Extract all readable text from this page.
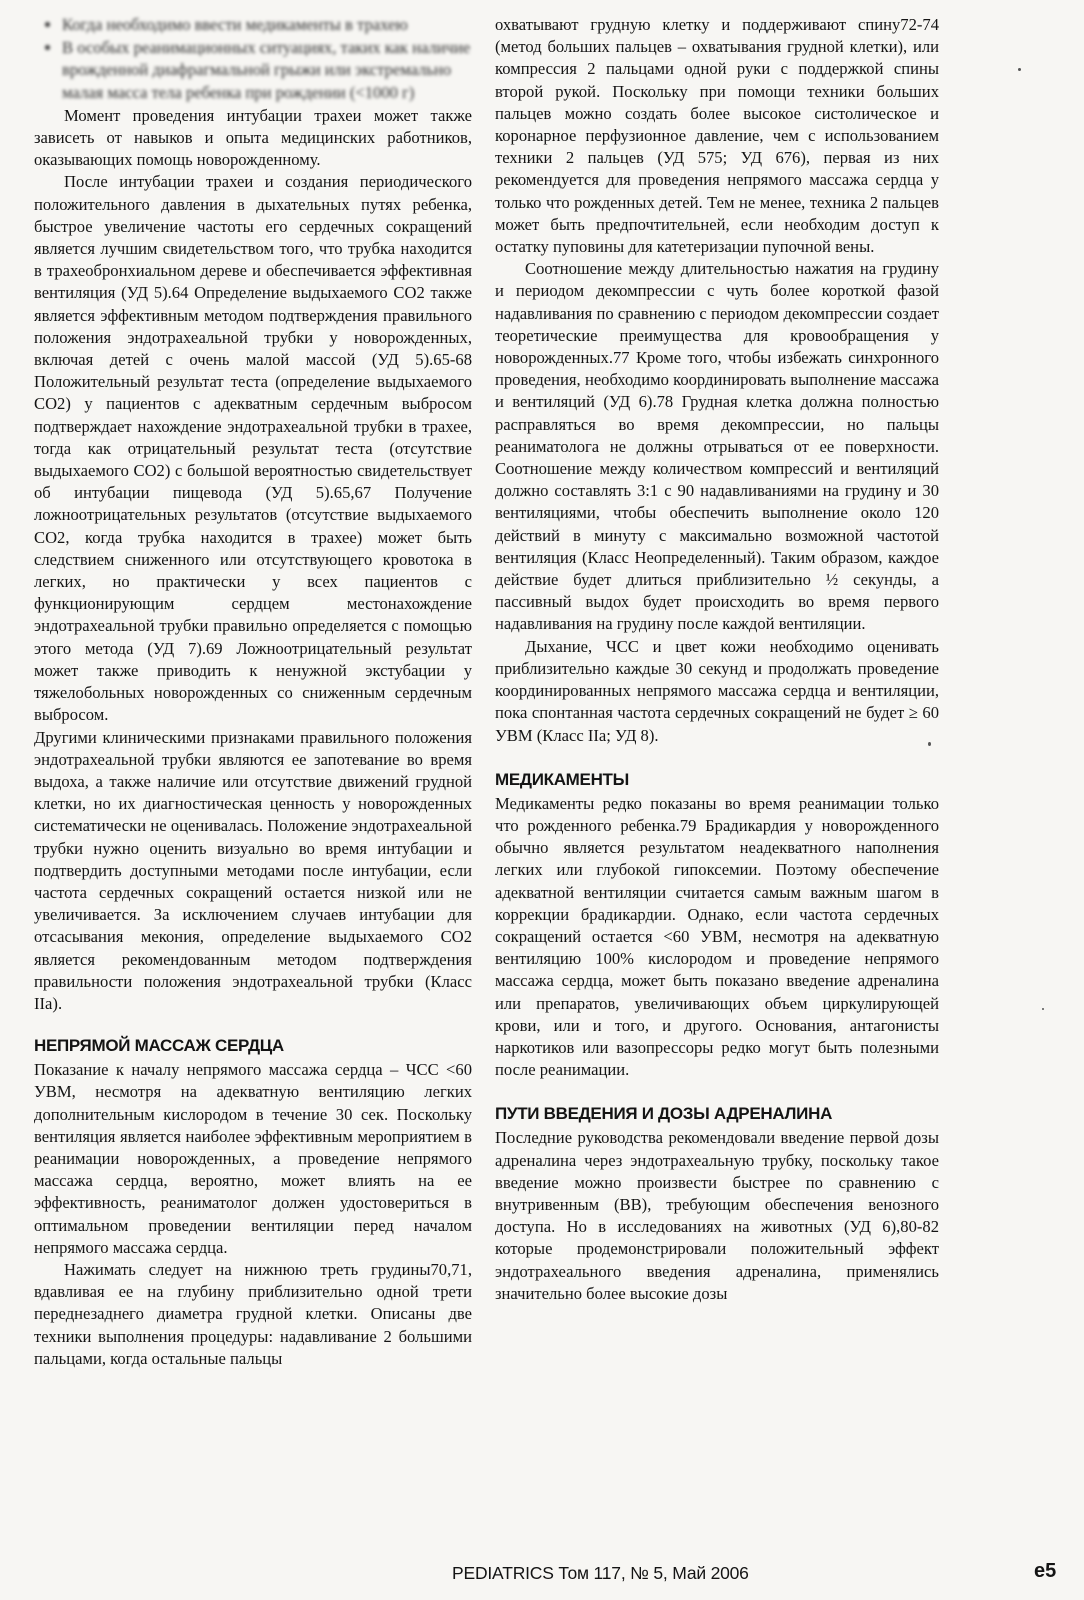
• Когда необходимо ввести медикаменты в трахею
• В особых реанимационных ситуациях, таких как наличие врожденной диафрагмальной грыжи или экстремально малая масса тела ребенка при рождении (<1000 г)

Момент проведения интубации трахеи может также зависеть от навыков и опыта медицинских работников, оказывающих помощь новорожденному.

После интубации трахеи и создания периодического положительного давления в дыхательных путях ребенка, быстрое увеличение частоты его сердечных сокращений является лучшим свидетельством того, что трубка находится в трахеобронхиальном дереве и обеспечивается эффективная вентиляция (УД 5).64 Определение выдыхаемого CO2 также является эффективным методом подтверждения правильного положения эндотрахеальной трубки у новорожденных, включая детей с очень малой массой (УД 5).65-68 Положительный результат теста (определение выдыхаемого CO2) у пациентов с адекватным сердечным выбросом подтверждает нахождение эндотрахеальной трубки в трахее, тогда как отрицательный результат теста (отсутствие выдыхаемого CO2) с большой вероятностью свидетельствует об интубации пищевода (УД 5).65,67 Получение ложноотрицательных результатов (отсутствие выдыхаемого CO2, когда трубка находится в трахее) может быть следствием сниженного или отсутствующего кровотока в легких, но практически у всех пациентов с функционирующим сердцем местонахождение эндотрахеальной трубки правильно определяется с помощью этого метода (УД 7).69 Ложноотрицательный результат может также приводить к ненужной экстубации у тяжелобольных новорожденных со сниженным сердечным выбросом.

Другими клиническими признаками правильного положения эндотрахеальной трубки являются ее запотевание во время выдоха, а также наличие или отсутствие движений грудной клетки, но их диагностическая ценность у новорожденных систематически не оценивалась. Положение эндотрахеальной трубки нужно оценить визуально во время интубации и подтвердить доступными методами после интубации, если частота сердечных сокращений остается низкой или не увеличивается. За исключением случаев интубации для отсасывания мекония, определение выдыхаемого CO2 является рекомендованным методом подтверждения правильности положения эндотрахеальной трубки (Класс IIa).

НЕПРЯМОЙ МАССАЖ СЕРДЦА

Показание к началу непрямого массажа сердца – ЧСС <60 УВМ, несмотря на адекватную вентиляцию легких дополнительным кислородом в течение 30 сек. Поскольку вентиляция является наиболее эффективным мероприятием в реанимации новорожденных, а проведение непрямого массажа сердца, вероятно, может влиять на ее эффективность, реаниматолог должен удостовериться в оптимальном проведении вентиляции перед началом непрямого массажа сердца.

Нажимать следует на нижнюю треть грудины70,71, вдавливая ее на глубину приблизительно одной трети переднезаднего диаметра грудной клетки. Описаны две техники выполнения процедуры: надавливание 2 большими пальцами, когда остальные пальцы

охватывают грудную клетку и поддерживают спину72-74 (метод больших пальцев – охватывания грудной клетки), или компрессия 2 пальцами одной руки с поддержкой спины второй рукой. Поскольку при помощи техники больших пальцев можно создать более высокое систолическое и коронарное перфузионное давление, чем с использованием техники 2 пальцев (УД 575; УД 676), первая из них рекомендуется для проведения непрямого массажа сердца у только что рожденных детей. Тем не менее, техника 2 пальцев может быть предпочтительней, если необходим доступ к остатку пуповины для катетеризации пупочной вены.

Соотношение между длительностью нажатия на грудину и периодом декомпрессии с чуть более короткой фазой надавливания по сравнению с периодом декомпрессии создает теоретические преимущества для кровообращения у новорожденных.77 Кроме того, чтобы избежать синхронного проведения, необходимо координировать выполнение массажа и вентиляций (УД 6).78 Грудная клетка должна полностью расправляться во время декомпрессии, но пальцы реаниматолога не должны отрываться от ее поверхности. Соотношение между количеством компрессий и вентиляций должно составлять 3:1 с 90 надавливаниями на грудину и 30 вентиляциями, чтобы обеспечить выполнение около 120 действий в минуту с максимально возможной частотой вентиляция (Класс Неопределенный). Таким образом, каждое действие будет длиться приблизительно ½ секунды, а пассивный выдох будет происходить во время первого надавливания на грудину после каждой вентиляции.

Дыхание, ЧСС и цвет кожи необходимо оценивать приблизительно каждые 30 секунд и продолжать проведение координированных непрямого массажа сердца и вентиляции, пока спонтанная частота сердечных сокращений не будет ≥ 60 УВМ (Класс IIa; УД 8).

МЕДИКАМЕНТЫ

Медикаменты редко показаны во время реанимации только что рожденного ребенка.79 Брадикардия у новорожденного обычно является результатом неадекватного наполнения легких или глубокой гипоксемии. Поэтому обеспечение адекватной вентиляции считается самым важным шагом в коррекции брадикардии. Однако, если частота сердечных сокращений остается <60 УВМ, несмотря на адекватную вентиляцию 100% кислородом и проведение непрямого массажа сердца, может быть показано введение адреналина или препаратов, увеличивающих объем циркулирующей крови, или и того, и другого. Основания, антагонисты наркотиков или вазопрессоры редко могут быть полезными после реанимации.

ПУТИ ВВЕДЕНИЯ И ДОЗЫ АДРЕНАЛИНА

Последние руководства рекомендовали введение первой дозы адреналина через эндотрахеальную трубку, поскольку такое введение можно произвести быстрее по сравнению с внутривенным (ВВ), требующим обеспечения венозного доступа. Но в исследованиях на животных (УД 6),80-82 которые продемонстрировали положительный эффект эндотрахеального введения адреналина, применялись значительно более высокие дозы

PEDIATRICS Том 117, № 5, Май 2006	e5
